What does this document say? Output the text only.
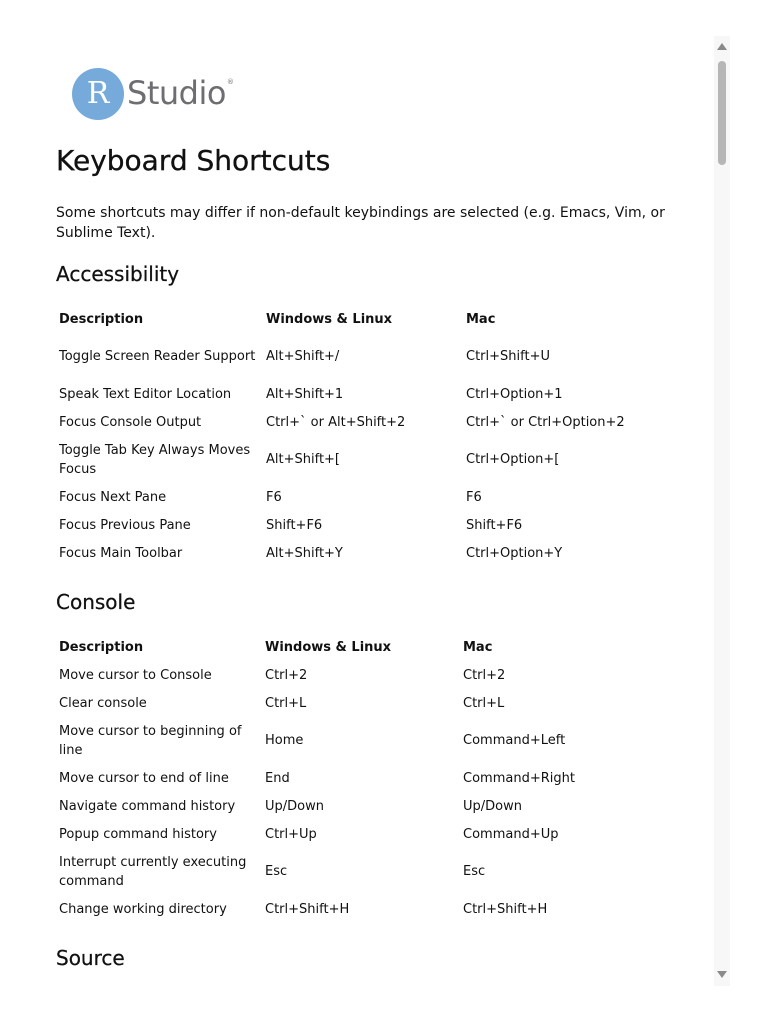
R Studio ®
Keyboard Shortcuts

Some shortcuts may differ if non-default keybindings are selected (e.g. Emacs, Vim, or Sublime Text).

Accessibility
Description	Windows & Linux	Mac
Toggle Screen Reader Support	Alt+Shift+/	Ctrl+Shift+U
Speak Text Editor Location	Alt+Shift+1	Ctrl+Option+1
Focus Console Output	Ctrl+` or Alt+Shift+2	Ctrl+` or Ctrl+Option+2
Toggle Tab Key Always Moves Focus	Alt+Shift+[	Ctrl+Option+[
Focus Next Pane	F6	F6
Focus Previous Pane	Shift+F6	Shift+F6
Focus Main Toolbar	Alt+Shift+Y	Ctrl+Option+Y
Console
Description	Windows & Linux	Mac
Move cursor to Console	Ctrl+2	Ctrl+2
Clear console	Ctrl+L	Ctrl+L
Move cursor to beginning of line	Home	Command+Left
Move cursor to end of line	End	Command+Right
Navigate command history	Up/Down	Up/Down
Popup command history	Ctrl+Up	Command+Up
Interrupt currently executing command	Esc	Esc
Change working directory	Ctrl+Shift+H	Ctrl+Shift+H
Source
